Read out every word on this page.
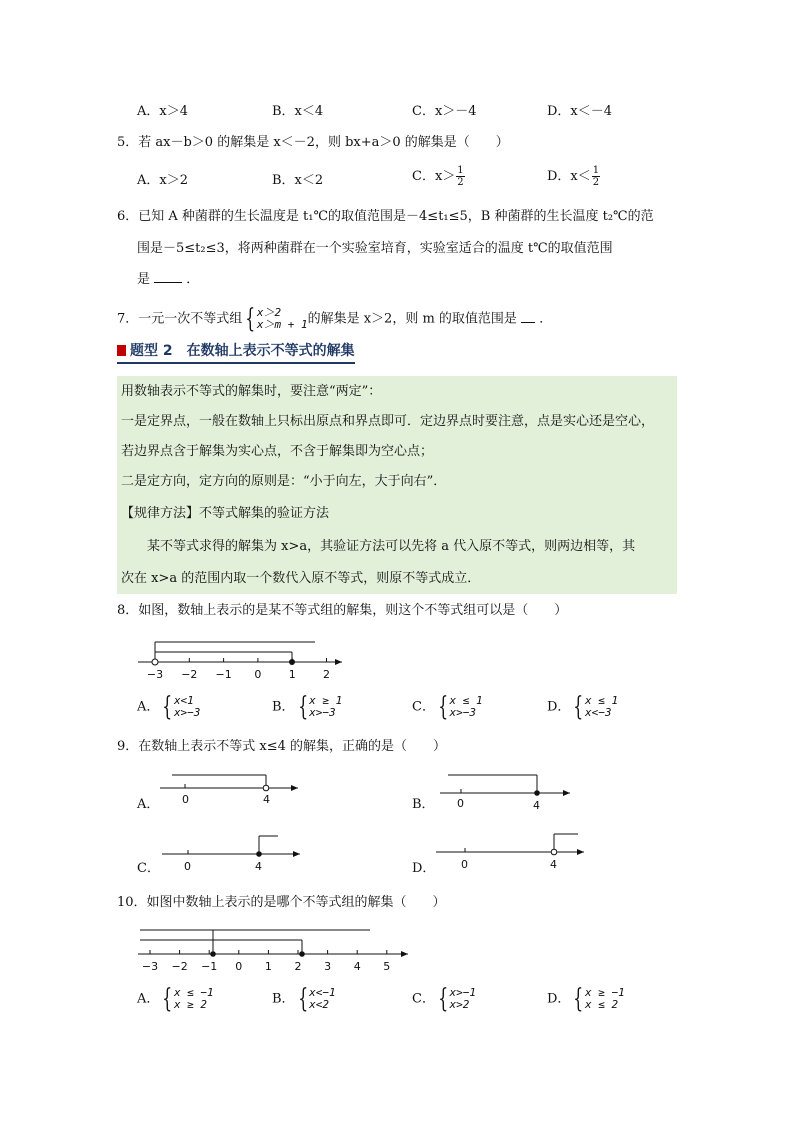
A．x＞4	B．x＜4	C．x＞－4	D．x＜－4
5．若 ax－b＞0 的解集是 x＜－2，则 bx+a＞0 的解集是（　　）
A．x＞2	B．x＜2	C．$x> \frac{1}{2}$	D．$x< \frac{1}{2}$
6．已知 A 种菌群的生长温度是 t₁℃的取值范围是－4≤t₁≤5，B 种菌群的生长温度 t₂℃的范
围是－5≤t₂≤3，将两种菌群在一个实验室培育，实验室适合的温度 t℃的取值范围
是	．
7．一元一次不等式组 { x＞2
x＞m + 1 的解集是 x＞2，则 m 的取值范围是 ．
题型 2　在数轴上表示不等式的解集
用数轴表示不等式的解集时，要注意“两定”：
一是定界点，一般在数轴上只标出原点和界点即可．定边界点时要注意，点是实心还是空心，
若边界点含于解集为实心点，不含于解集即为空心点；
二是定方向，定方向的原则是：“小于向左，大于向右”．
【规律方法】不等式解集的验证方法
某不等式求得的解集为 x>a，其验证方法可以先将 a 代入原不等式，则两边相等，其
次在 x>a 的范围内取一个数代入原不等式，则原不等式成立．
8．如图，数轴上表示的是某不等式组的解集，则这个不等式组可以是（　　）
−3 −2 −1 0 1 2
A． { x<1
x>−3	B． { x ≥ 1
x>−3	C． { x ≤ 1
x>−3	D． { x ≤ 1
x<−3
9．在数轴上表示不等式 x≤4 的解集，正确的是（　　）
0	4
A．	0	4
B．
0	4
C．	0	4
D．
10．如图中数轴上表示的是哪个不等式组的解集（　　）
−3 −2 −1 0 1 2 3 4 5
A． { x ≤ −1
x ≥ 2	B． { x<−1
x<2	C． { x>−1
x>2	D． { x ≥ −1
x ≤ 2
